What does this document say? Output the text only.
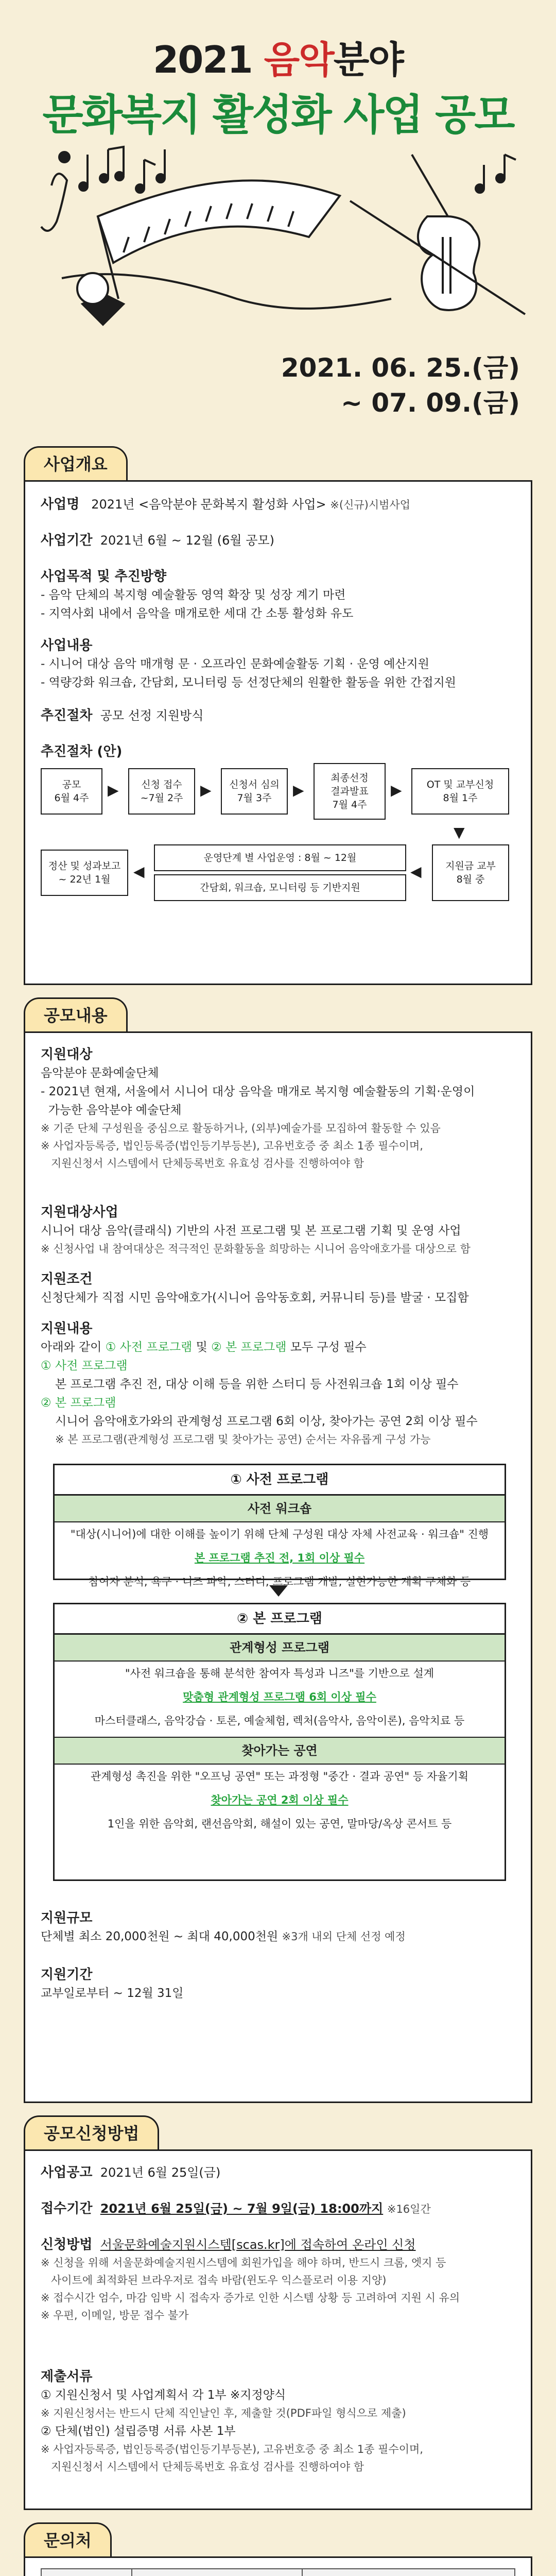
2021 음악분야
문화복지 활성화 사업 공모
2021. 06. 25.(금)
~ 07. 09.(금)
사업개요
사업명 2021년 <음악분야 문화복지 활성화 사업> ※(신규)시범사업
사업기간 2021년 6월 ~ 12월 (6월 공모)
사업목적 및 추진방향
- 음악 단체의 복지형 예술활동 영역 확장 및 성장 계기 마련
- 지역사회 내에서 음악을 매개로한 세대 간 소통 활성화 유도
사업내용
- 시니어 대상 음악 매개형 문 · 오프라인 문화예술활동 기획 · 운영 예산지원
- 역량강화 워크숍, 간담회, 모니터링 등 선정단체의 원활한 활동을 위한 간접지원
추진절차 공모 선정 지원방식
추진절차 (안)
공모
6월 4주	▶	신청 접수
~7월 2주	▶	신청서 심의
7월 3주	▶
최종선정
결과발표
7월 4주
▶	OT 및 교부신청
8월 1주
▼
지원금 교부
8월 중
◀
운영단계 별 사업운영 : 8월 ~ 12월
간담회, 워크숍, 모니터링 등 기반지원
◀
정산 및 성과보고
~ 22년 1월
공모내용
지원대상
음악분야 문화예술단체
- 2021년 현재, 서울에서 시니어 대상 음악을 매개로 복지형 예술활동의 기획·운영이
가능한 음악분야 예술단체
※ 기준 단체 구성원을 중심으로 활동하거나, (외부)예술가를 모집하여 활동할 수 있음
※ 사업자등록증, 법인등록증(법인등기부등본), 고유번호증 중 최소 1종 필수이며,
지원신청서 시스템에서 단체등록번호 유효성 검사를 진행하여야 함
지원대상사업
시니어 대상 음악(클래식) 기반의 사전 프로그램 및 본 프로그램 기획 및 운영 사업
※ 신청사업 내 참여대상은 적극적인 문화활동을 희망하는 시니어 음악애호가를 대상으로 함
지원조건
신청단체가 직접 시민 음악애호가(시니어 음악동호회, 커뮤니티 등)를 발굴 · 모집함
지원내용
아래와 같이 ① 사전 프로그램 및 ② 본 프로그램 모두 구성 필수
① 사전 프로그램
본 프로그램 추진 전, 대상 이해 등을 위한 스터디 등 사전워크숍 1회 이상 필수
② 본 프로그램
시니어 음악애호가와의 관계형성 프로그램 6회 이상, 찾아가는 공연 2회 이상 필수
※ 본 프로그램(관계형성 프로그램 및 찾아가는 공연) 순서는 자유롭게 구성 가능
① 사전 프로그램
사전 워크숍
"대상(시니어)에 대한 이해를 높이기 위해 단체 구성원 대상 자체 사전교육 · 워크숍" 진행
본 프로그램 추진 전, 1회 이상 필수
참여자 분석, 욕구 · 니즈 파악, 스터디, 프로그램 개발, 실현가능한 계획 구체화 등
② 본 프로그램
관계형성 프로그램
"사전 워크숍을 통해 분석한 참여자 특성과 니즈"를 기반으로 설계
맞춤형 관계형성 프로그램 6회 이상 필수
마스터클래스, 음악강습 · 토론, 예술체험, 렉처(음악사, 음악이론), 음악치료 등
찾아가는 공연
관계형성 촉진을 위한 "오프닝 공연" 또는 과정형 "중간 · 결과 공연" 등 자율기획
찾아가는 공연 2회 이상 필수
1인을 위한 음악회, 랜선음악회, 해설이 있는 공연, 말마당/옥상 콘서트 등
지원규모
단체별 최소 20,000천원 ~ 최대 40,000천원 ※3개 내외 단체 선정 예정
지원기간
교부일로부터 ~ 12월 31일
공모신청방법
사업공고 2021년 6월 25일(금)
접수기간 2021년 6월 25일(금) ~ 7월 9일(금) 18:00까지 ※16일간
신청방법 서울문화예술지원시스템[scas.kr]에 접속하여 온라인 신청
※ 신청을 위해 서울문화예술지원시스템에 회원가입을 해야 하며, 반드시 크롬, 엣지 등
사이트에 최적화된 브라우저로 접속 바람(윈도우 익스플로러 이용 지양)
※ 접수시간 엄수, 마감 임박 시 접속자 증가로 인한 시스템 상황 등 고려하여 지원 시 유의
※ 우편, 이메일, 방문 접수 불가
제출서류
① 지원신청서 및 사업계획서 각 1부 ※지정양식
※ 지원신청서는 반드시 단체 직인날인 후, 제출할 것(PDF파일 형식으로 제출)
② 단체(법인) 설립증명 서류 사본 1부
※ 사업자등록증, 법인등록증(법인등기부등본), 고유번호증 중 최소 1종 필수이며,
지원신청서 시스템에서 단체등록번호 유효성 검사를 진행하여야 함
문의처
